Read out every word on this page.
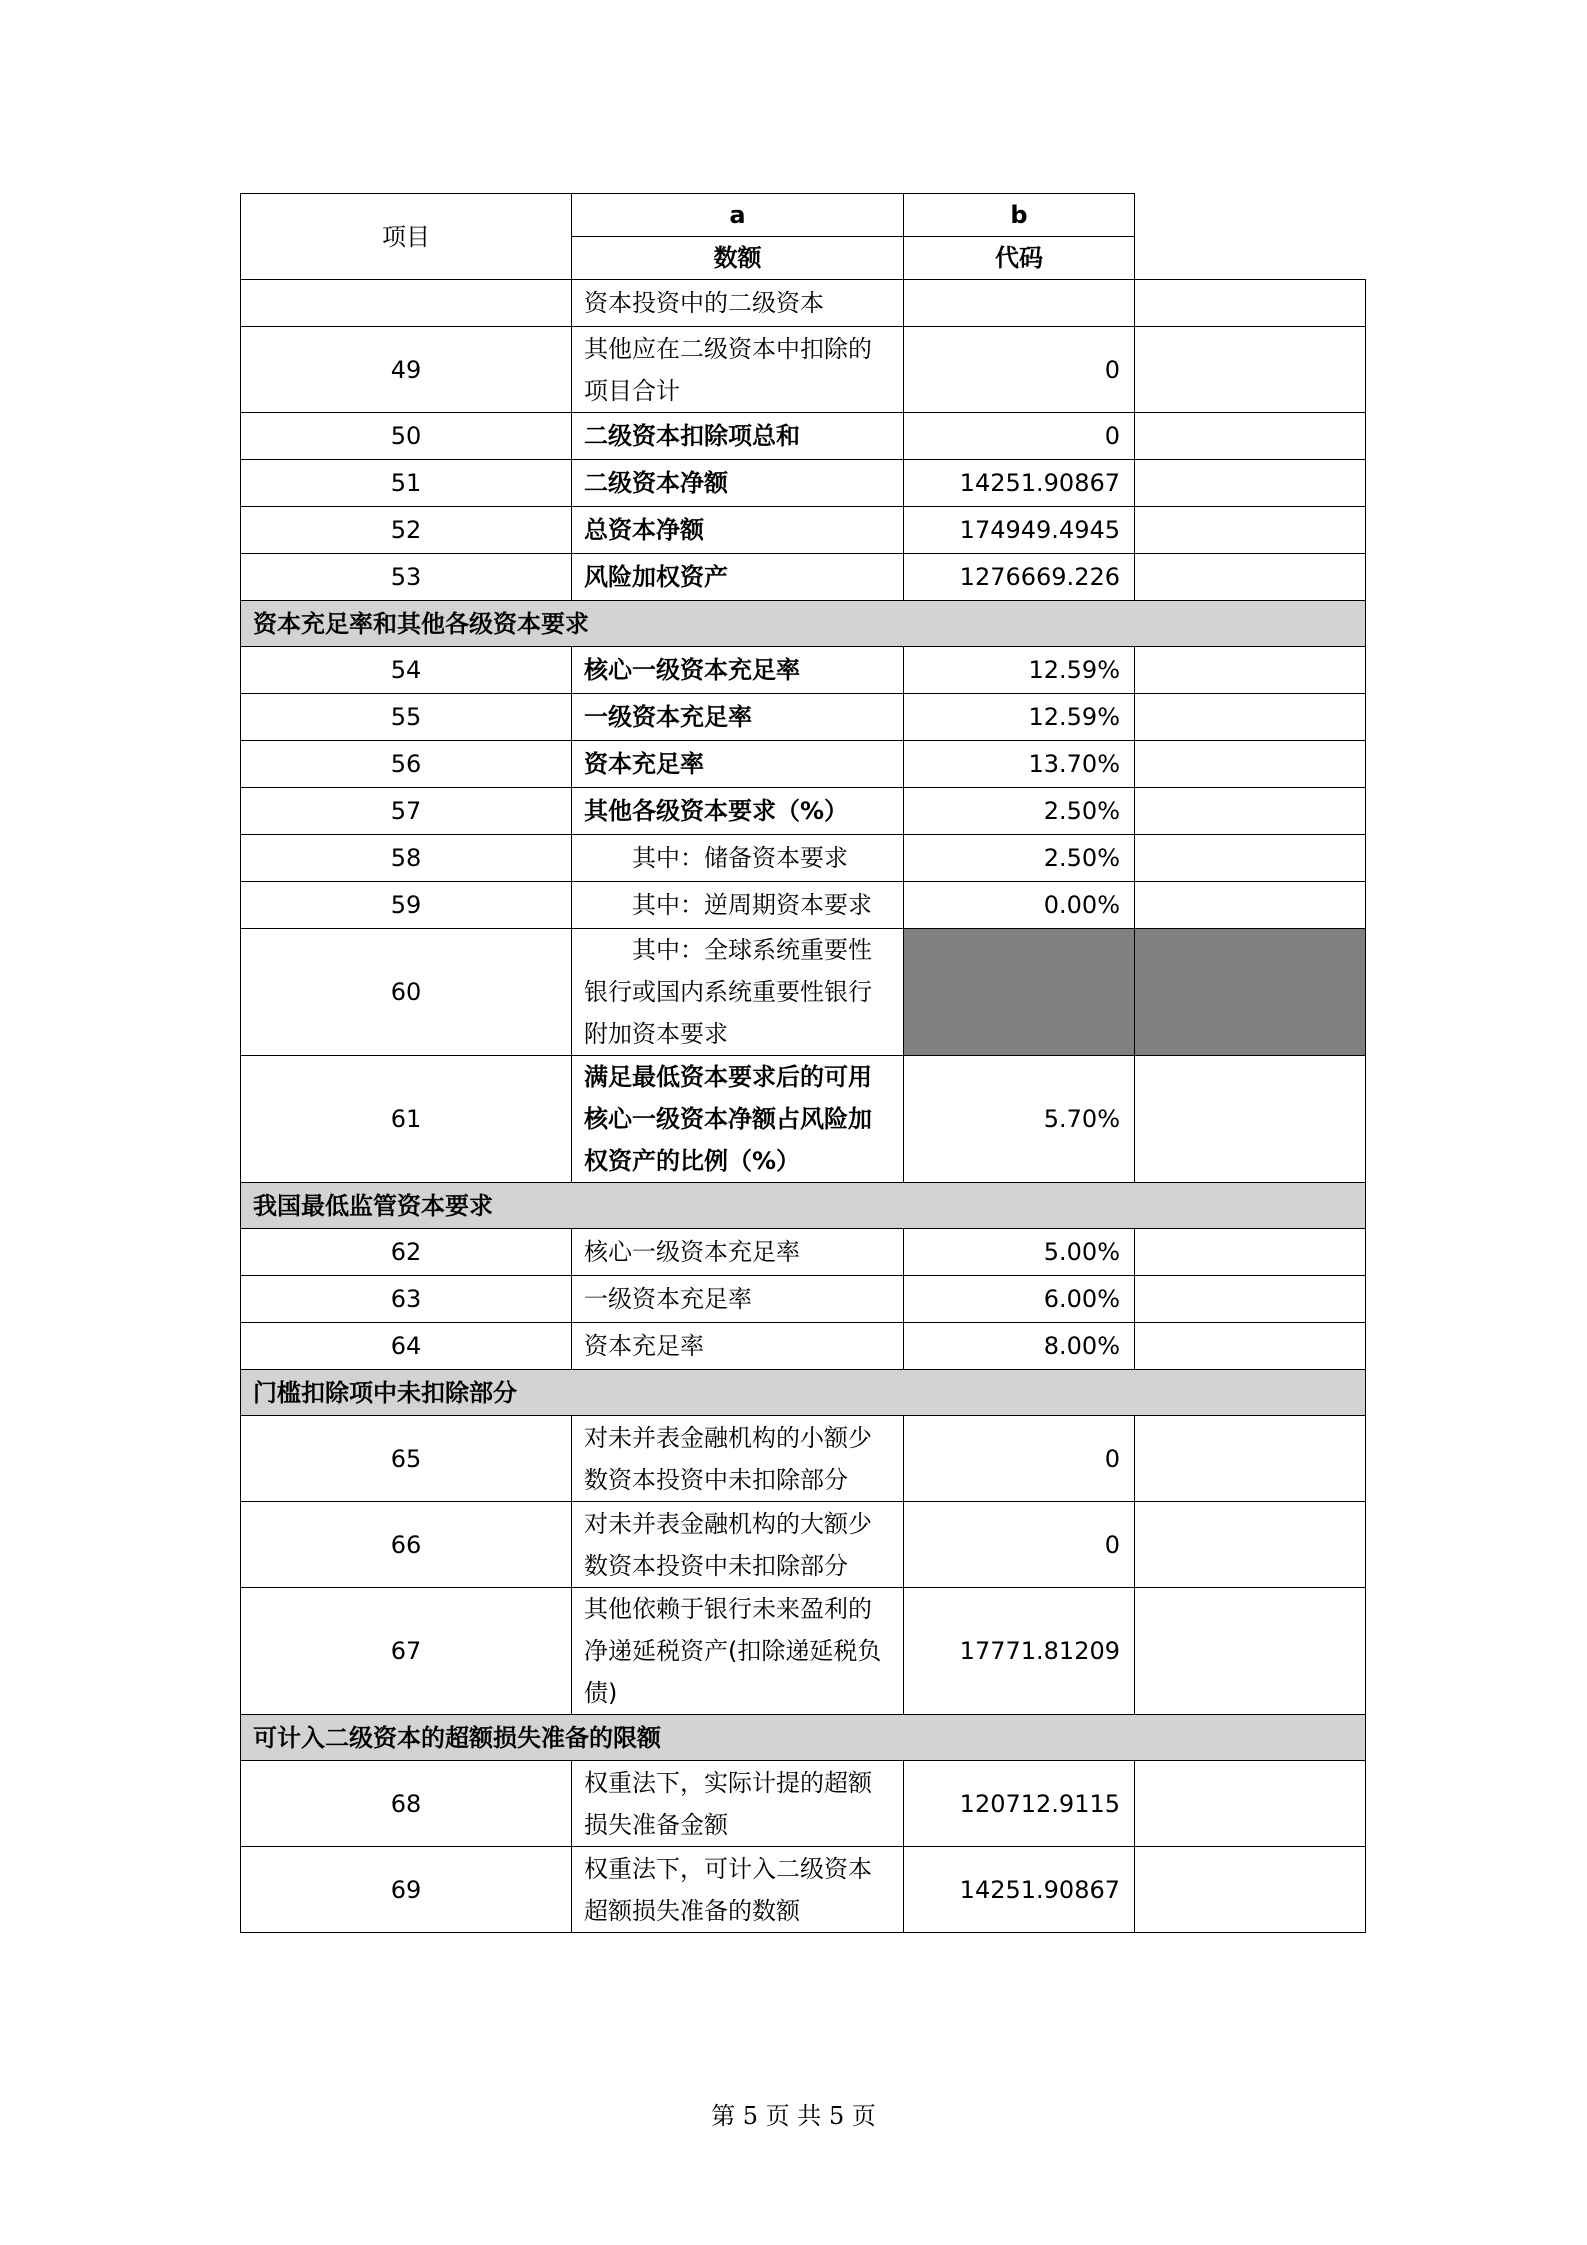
项目	a	b	
	数额	代码	
	资本投资中的二级资本		
49	其他应在二级资本中扣除的项目合计	0	
50	二级资本扣除项总和	0	
51	二级资本净额	14251.90867	
52	总资本净额	174949.4945	
53	风险加权资产	1276669.226	
资本充足率和其他各级资本要求			
54	核心一级资本充足率	12.59%	
55	一级资本充足率	12.59%	
56	资本充足率	13.70%	
57	其他各级资本要求（%）	2.50%	
58	其中：储备资本要求	2.50%	
59	其中：逆周期资本要求	0.00%	
60	其中：全球系统重要性银行或国内系统重要性银行附加资本要求		
61	满足最低资本要求后的可用核心一级资本净额占风险加权资产的比例（%）	5.70%	
我国最低监管资本要求			
62	核心一级资本充足率	5.00%	
63	一级资本充足率	6.00%	
64	资本充足率	8.00%	
门槛扣除项中未扣除部分			
65	对未并表金融机构的小额少数资本投资中未扣除部分	0	
66	对未并表金融机构的大额少数资本投资中未扣除部分	0	
67	其他依赖于银行未来盈利的净递延税资产(扣除递延税负债)	17771.81209	
可计入二级资本的超额损失准备的限额			
68	权重法下，实际计提的超额损失准备金额	120712.9115	
69	权重法下，可计入二级资本超额损失准备的数额	14251.90867	
第 5 页 共 5 页
